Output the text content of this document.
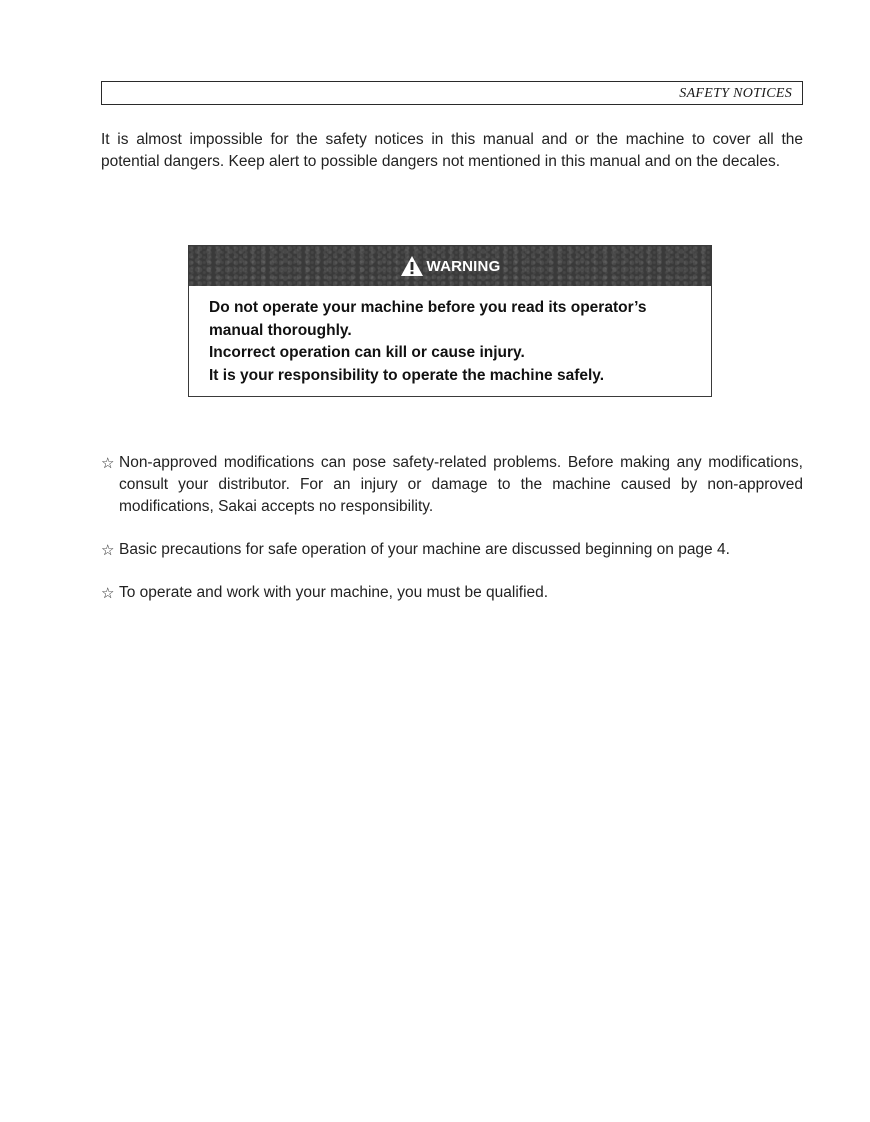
SAFETY NOTICES

It is almost impossible for the safety notices in this manual and or the machine to cover all the potential dangers. Keep alert to possible dangers not mentioned in this manual and on the decales.

WARNING
Do not operate your machine before you read its operator’s
manual thoroughly.
Incorrect operation can kill or cause injury.
It is your responsibility to operate the machine safely.
☆ Non-approved modifications can pose safety-related problems. Before making any modifications, consult your distributor. For an injury or damage to the machine caused by non-approved modifications, Sakai accepts no responsibility.
☆ Basic precautions for safe operation of your machine are discussed beginning on page 4.
☆ To operate and work with your machine, you must be qualified.
